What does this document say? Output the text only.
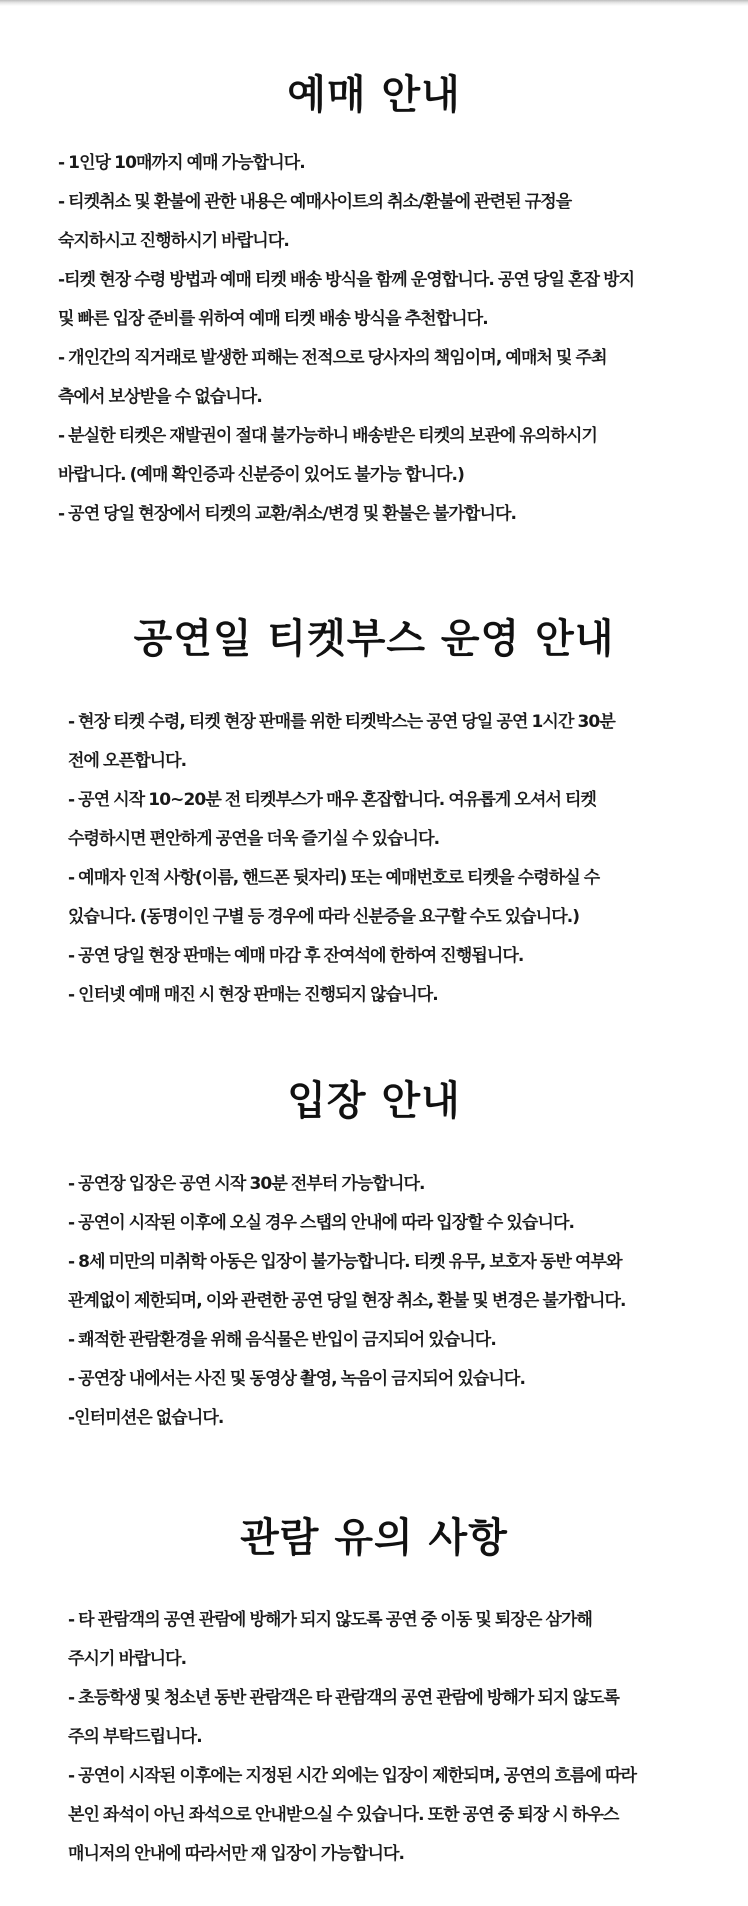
예매 안내
- 1인당 10매까지 예매 가능합니다.
- 티켓취소 및 환불에 관한 내용은 예매사이트의 취소/환불에 관련된 규정을
숙지하시고 진행하시기 바랍니다.
-티켓 현장 수령 방법과 예매 티켓 배송 방식을 함께 운영합니다. 공연 당일 혼잡 방지
및 빠른 입장 준비를 위하여 예매 티켓 배송 방식을 추천합니다.
- 개인간의 직거래로 발생한 피해는 전적으로 당사자의 책임이며, 예매처 및 주최
측에서 보상받을 수 없습니다.
- 분실한 티켓은 재발권이 절대 불가능하니 배송받은 티켓의 보관에 유의하시기
바랍니다. (예매 확인증과 신분증이 있어도 불가능 합니다.)
- 공연 당일 현장에서 티켓의 교환/취소/변경 및 환불은 불가합니다.
공연일 티켓부스 운영 안내
- 현장 티켓 수령, 티켓 현장 판매를 위한 티켓박스는 공연 당일 공연 1시간 30분
전에 오픈합니다.
- 공연 시작 10~20분 전 티켓부스가 매우 혼잡합니다. 여유롭게 오셔서 티켓
수령하시면 편안하게 공연을 더욱 즐기실 수 있습니다.
- 예매자 인적 사항(이름, 핸드폰 뒷자리) 또는 예매번호로 티켓을 수령하실 수
있습니다. (동명이인 구별 등 경우에 따라 신분증을 요구할 수도 있습니다.)
- 공연 당일 현장 판매는 예매 마감 후 잔여석에 한하여 진행됩니다.
- 인터넷 예매 매진 시 현장 판매는 진행되지 않습니다.
입장 안내
- 공연장 입장은 공연 시작 30분 전부터 가능합니다.
- 공연이 시작된 이후에 오실 경우 스탭의 안내에 따라 입장할 수 있습니다.
- 8세 미만의 미취학 아동은 입장이 불가능합니다. 티켓 유무, 보호자 동반 여부와
관계없이 제한되며, 이와 관련한 공연 당일 현장 취소, 환불 및 변경은 불가합니다.
- 쾌적한 관람환경을 위해 음식물은 반입이 금지되어 있습니다.
- 공연장 내에서는 사진 및 동영상 촬영, 녹음이 금지되어 있습니다.
-인터미션은 없습니다.
관람 유의 사항
- 타 관람객의 공연 관람에 방해가 되지 않도록 공연 중 이동 및 퇴장은 삼가해
주시기 바랍니다.
- 초등학생 및 청소년 동반 관람객은 타 관람객의 공연 관람에 방해가 되지 않도록
주의 부탁드립니다.
- 공연이 시작된 이후에는 지정된 시간 외에는 입장이 제한되며, 공연의 흐름에 따라
본인 좌석이 아닌 좌석으로 안내받으실 수 있습니다. 또한 공연 중 퇴장 시 하우스
매니저의 안내에 따라서만 재 입장이 가능합니다.
